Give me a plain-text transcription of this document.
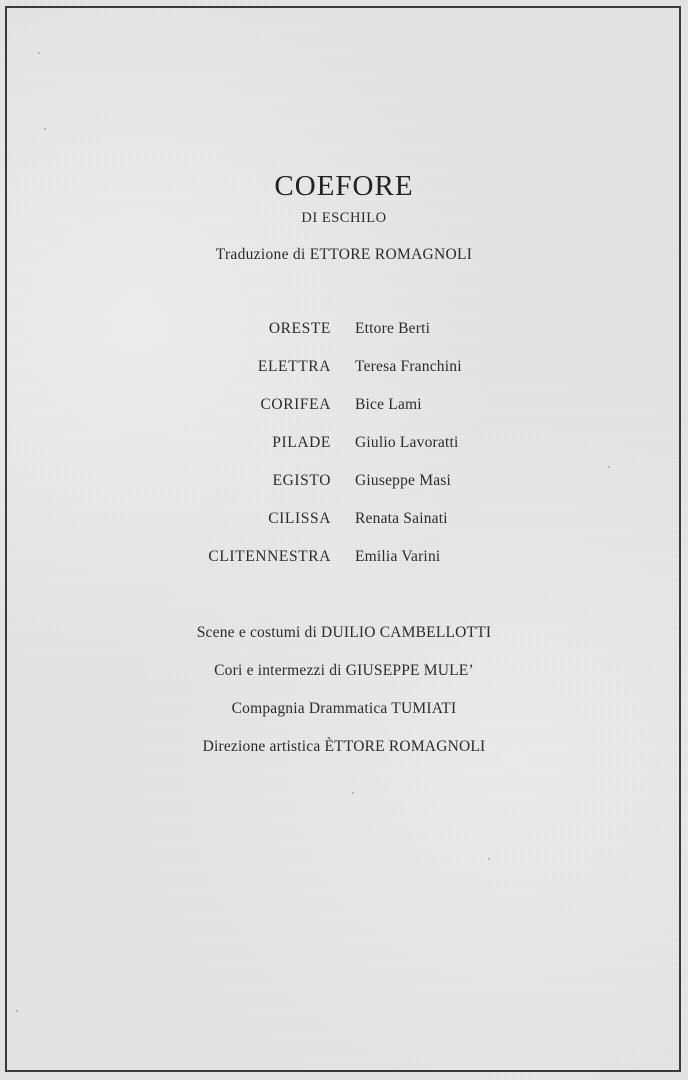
COEFORE
DI ESCHILO
Traduzione di ETTORE ROMAGNOLI
ORESTE Ettore Berti
ELETTRA Teresa Franchini
CORIFEA Bice Lami
PILADE Giulio Lavoratti
EGISTO Giuseppe Masi
CILISSA Renata Sainati
CLITENNESTRA Emilia Varini
Scene e costumi di DUILIO CAMBELLOTTI
Cori e intermezzi di GIUSEPPE MULE’
Compagnia Drammatica TUMIATI
Direzione artistica ÈTTORE ROMAGNOLI
